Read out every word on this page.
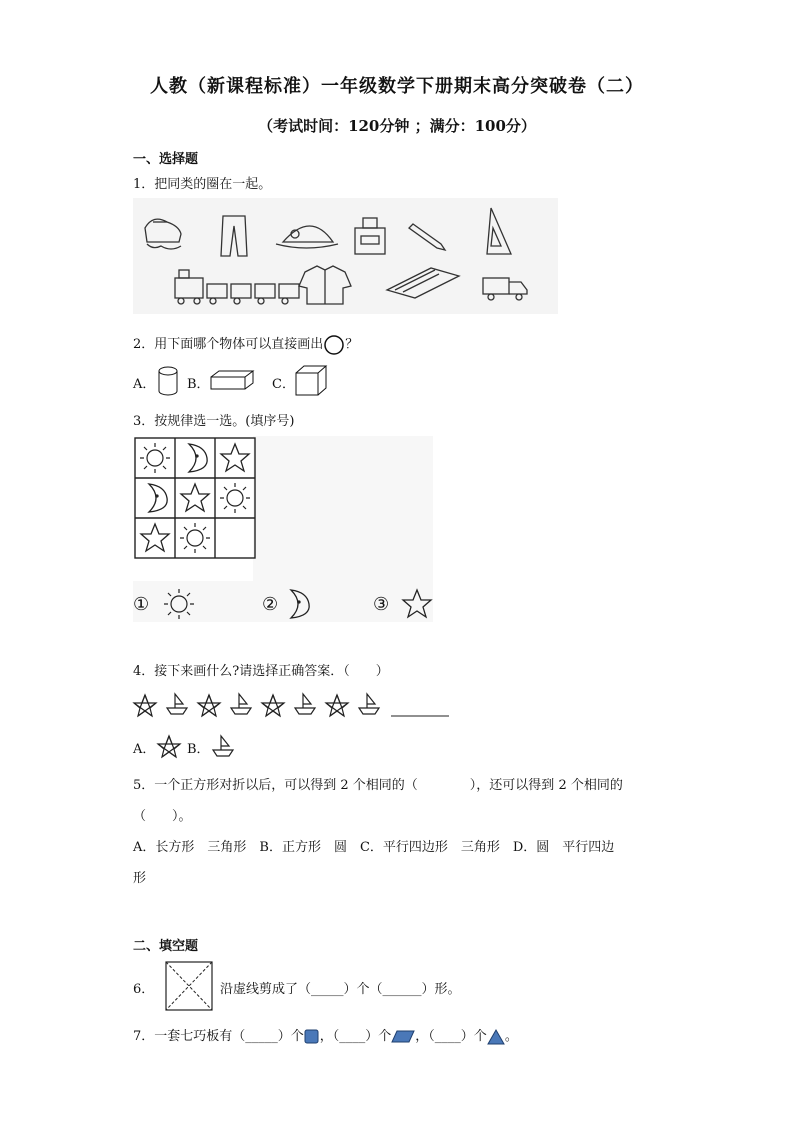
人教（新课程标准）一年级数学下册期末高分突破卷（二）
（考试时间：120分钟 ；满分：100分）
一、选择题
1．把同类的圈在一起。
2．用下面哪个物体可以直接画出 ？
A． B．	C．
3．按规律选一选。(填序号)
①	②	③
4．接下来画什么?请选择正确答案．（　　）
A． B．
5．一个正方形对折以后，可以得到 2 个相同的（　　　　），还可以得到 2 个相同的
（　　）。
A．长方形　三角形　B．正方形　圆　C．平行四边形　三角形　D．圆　平行四边
形
二、填空题
6．	沿虚线剪成了（_____）个（______）形。
7．一套七巧板有（_____）个 ，（____）个 ，（____）个 。
